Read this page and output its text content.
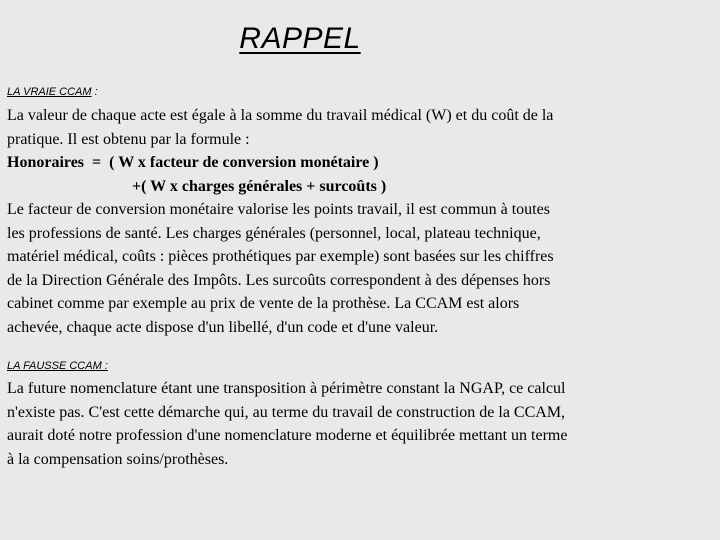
RAPPEL
LA VRAIE CCAM :
La valeur de chaque acte est égale à la somme du travail médical (W) et du coût de la
pratique. Il est obtenu par la formule :
Honoraires  =  ( W x facteur de conversion monétaire )
+( W x charges générales + surcoûts )
Le facteur de conversion monétaire valorise les points travail, il est commun à toutes
les professions de santé. Les charges générales (personnel, local, plateau technique,
matériel médical, coûts : pièces prothétiques par exemple) sont basées sur les chiffres
de la Direction Générale des Impôts. Les surcoûts correspondent à des dépenses hors
cabinet comme par exemple au prix de vente de la prothèse. La CCAM est alors
achevée, chaque acte dispose d'un libellé, d'un code et d'une valeur.
LA FAUSSE CCAM :
La future nomenclature étant une transposition à périmètre constant la NGAP, ce calcul
n'existe pas. C'est cette démarche qui, au terme du travail de construction de la CCAM,
aurait doté notre profession d'une nomenclature moderne et équilibrée mettant un terme
à la compensation soins/prothèses.
